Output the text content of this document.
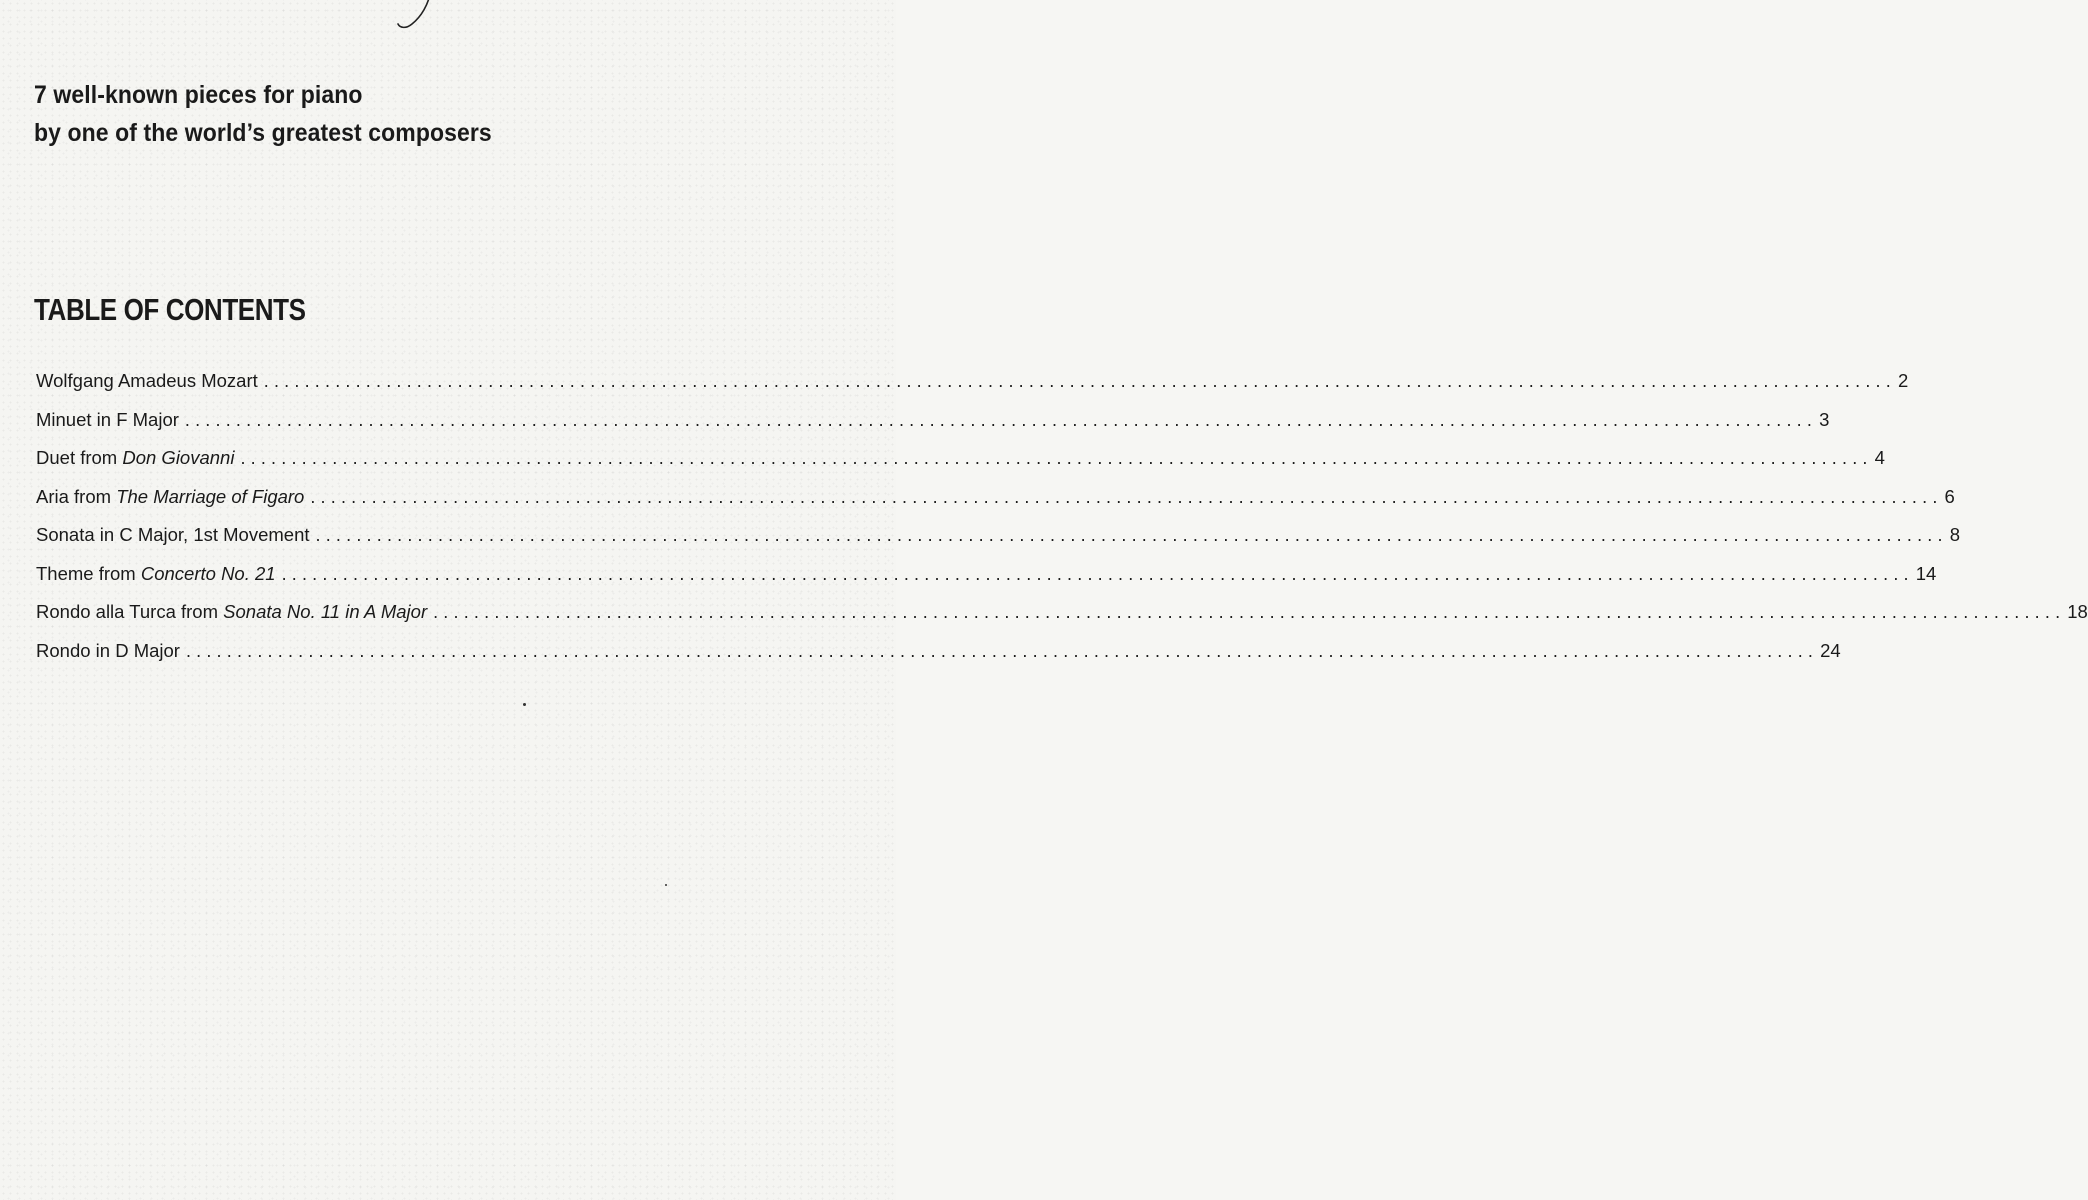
7 well-known pieces for piano
by one of the world’s greatest composers
TABLE OF CONTENTS
Wolfgang Amadeus Mozart ................................................................................................................................................................ 2
Minuet in F Major ................................................................................................................................................................ 3
Duet from Don Giovanni ................................................................................................................................................................ 4
Aria from The Marriage of Figaro ................................................................................................................................................................ 6
Sonata in C Major, 1st Movement ................................................................................................................................................................ 8
Theme from Concerto No. 21 ................................................................................................................................................................ 14
Rondo alla Turca from Sonata No. 11 in A Major ................................................................................................................................................................ 18
Rondo in D Major ................................................................................................................................................................ 24
